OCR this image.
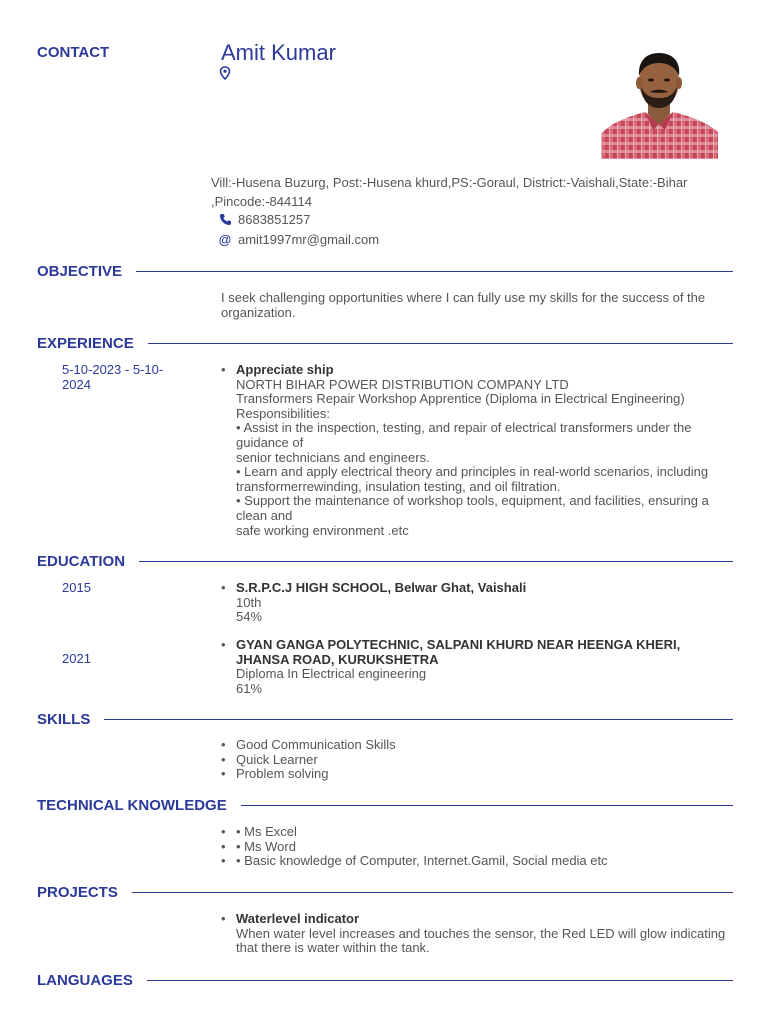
CONTACT	Amit Kumar
Vill:-Husena Buzurg, Post:-Husena khurd,PS:-Goraul, District:-Vaishali,State:-Bihar ,Pincode:-844114
8683851257
@ amit1997mr@gmail.com
OBJECTIVE
I seek challenging opportunities where I can fully use my skills for the success of the organization.
EXPERIENCE
5-10-2023 - 5-10-2024
• Appreciate ship
NORTH BIHAR POWER DISTRIBUTION COMPANY LTD
Transformers Repair Workshop Apprentice (Diploma in Electrical Engineering)
Responsibilities:
• Assist in the inspection, testing, and repair of electrical transformers under the guidance of
senior technicians and engineers.
• Learn and apply electrical theory and principles in real-world scenarios, including transformerrewinding, insulation testing, and oil filtration.
• Support the maintenance of workshop tools, equipment, and facilities, ensuring a clean and
safe working environment .etc
EDUCATION
2015
•	S.R.P.C.J HIGH SCHOOL, Belwar Ghat, Vaishali
10th
54%
2021
• GYAN GANGA POLYTECHNIC, SALPANI KHURD NEAR HEENGA KHERI, JHANSA ROAD, KURUKSHETRA
Diploma In Electrical engineering
61%
SKILLS
• Good Communication Skills
• Quick Learner
• Problem solving
TECHNICAL KNOWLEDGE
• • Ms Excel
• • Ms Word
• • Basic knowledge of Computer, Internet.Gamil, Social media etc
PROJECTS
• Waterlevel indicator
When water level increases and touches the sensor, the Red LED will glow indicating that there is water within the tank.
LANGUAGES
